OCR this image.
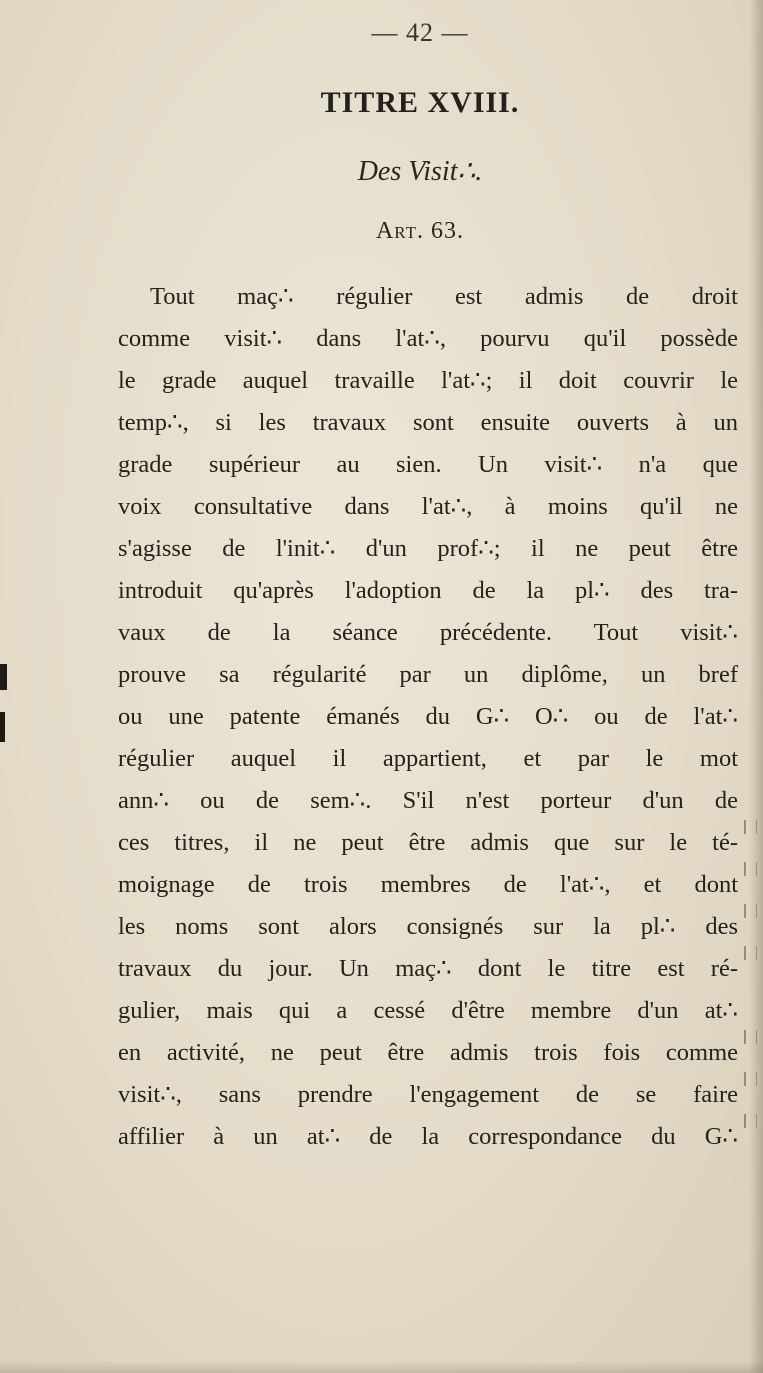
— 42 —
TITRE XVIII.
Des Visit∴.
Art. 63.
Tout maç∴ régulier est admis de droit
comme visit∴ dans l'at∴, pourvu qu'il possède
le grade auquel travaille l'at∴; il doit couvrir le
temp∴, si les travaux sont ensuite ouverts à un
grade supérieur au sien. Un visit∴ n'a que
voix consultative dans l'at∴, à moins qu'il ne
s'agisse de l'init∴ d'un prof∴; il ne peut être
introduit qu'après l'adoption de la pl∴ des tra-
vaux de la séance précédente. Tout visit∴
prouve sa régularité par un diplôme, un bref
ou une patente émanés du G∴ O∴ ou de l'at∴
régulier auquel il appartient, et par le mot
ann∴ ou de sem∴. S'il n'est porteur d'un de
ces titres, il ne peut être admis que sur le té-
moignage de trois membres de l'at∴, et dont
les noms sont alors consignés sur la pl∴ des
travaux du jour. Un maç∴ dont le titre est ré-
gulier, mais qui a cessé d'être membre d'un at∴
en activité, ne peut être admis trois fois comme
visit∴, sans prendre l'engagement de se faire
affilier à un at∴ de la correspondance du G∴
